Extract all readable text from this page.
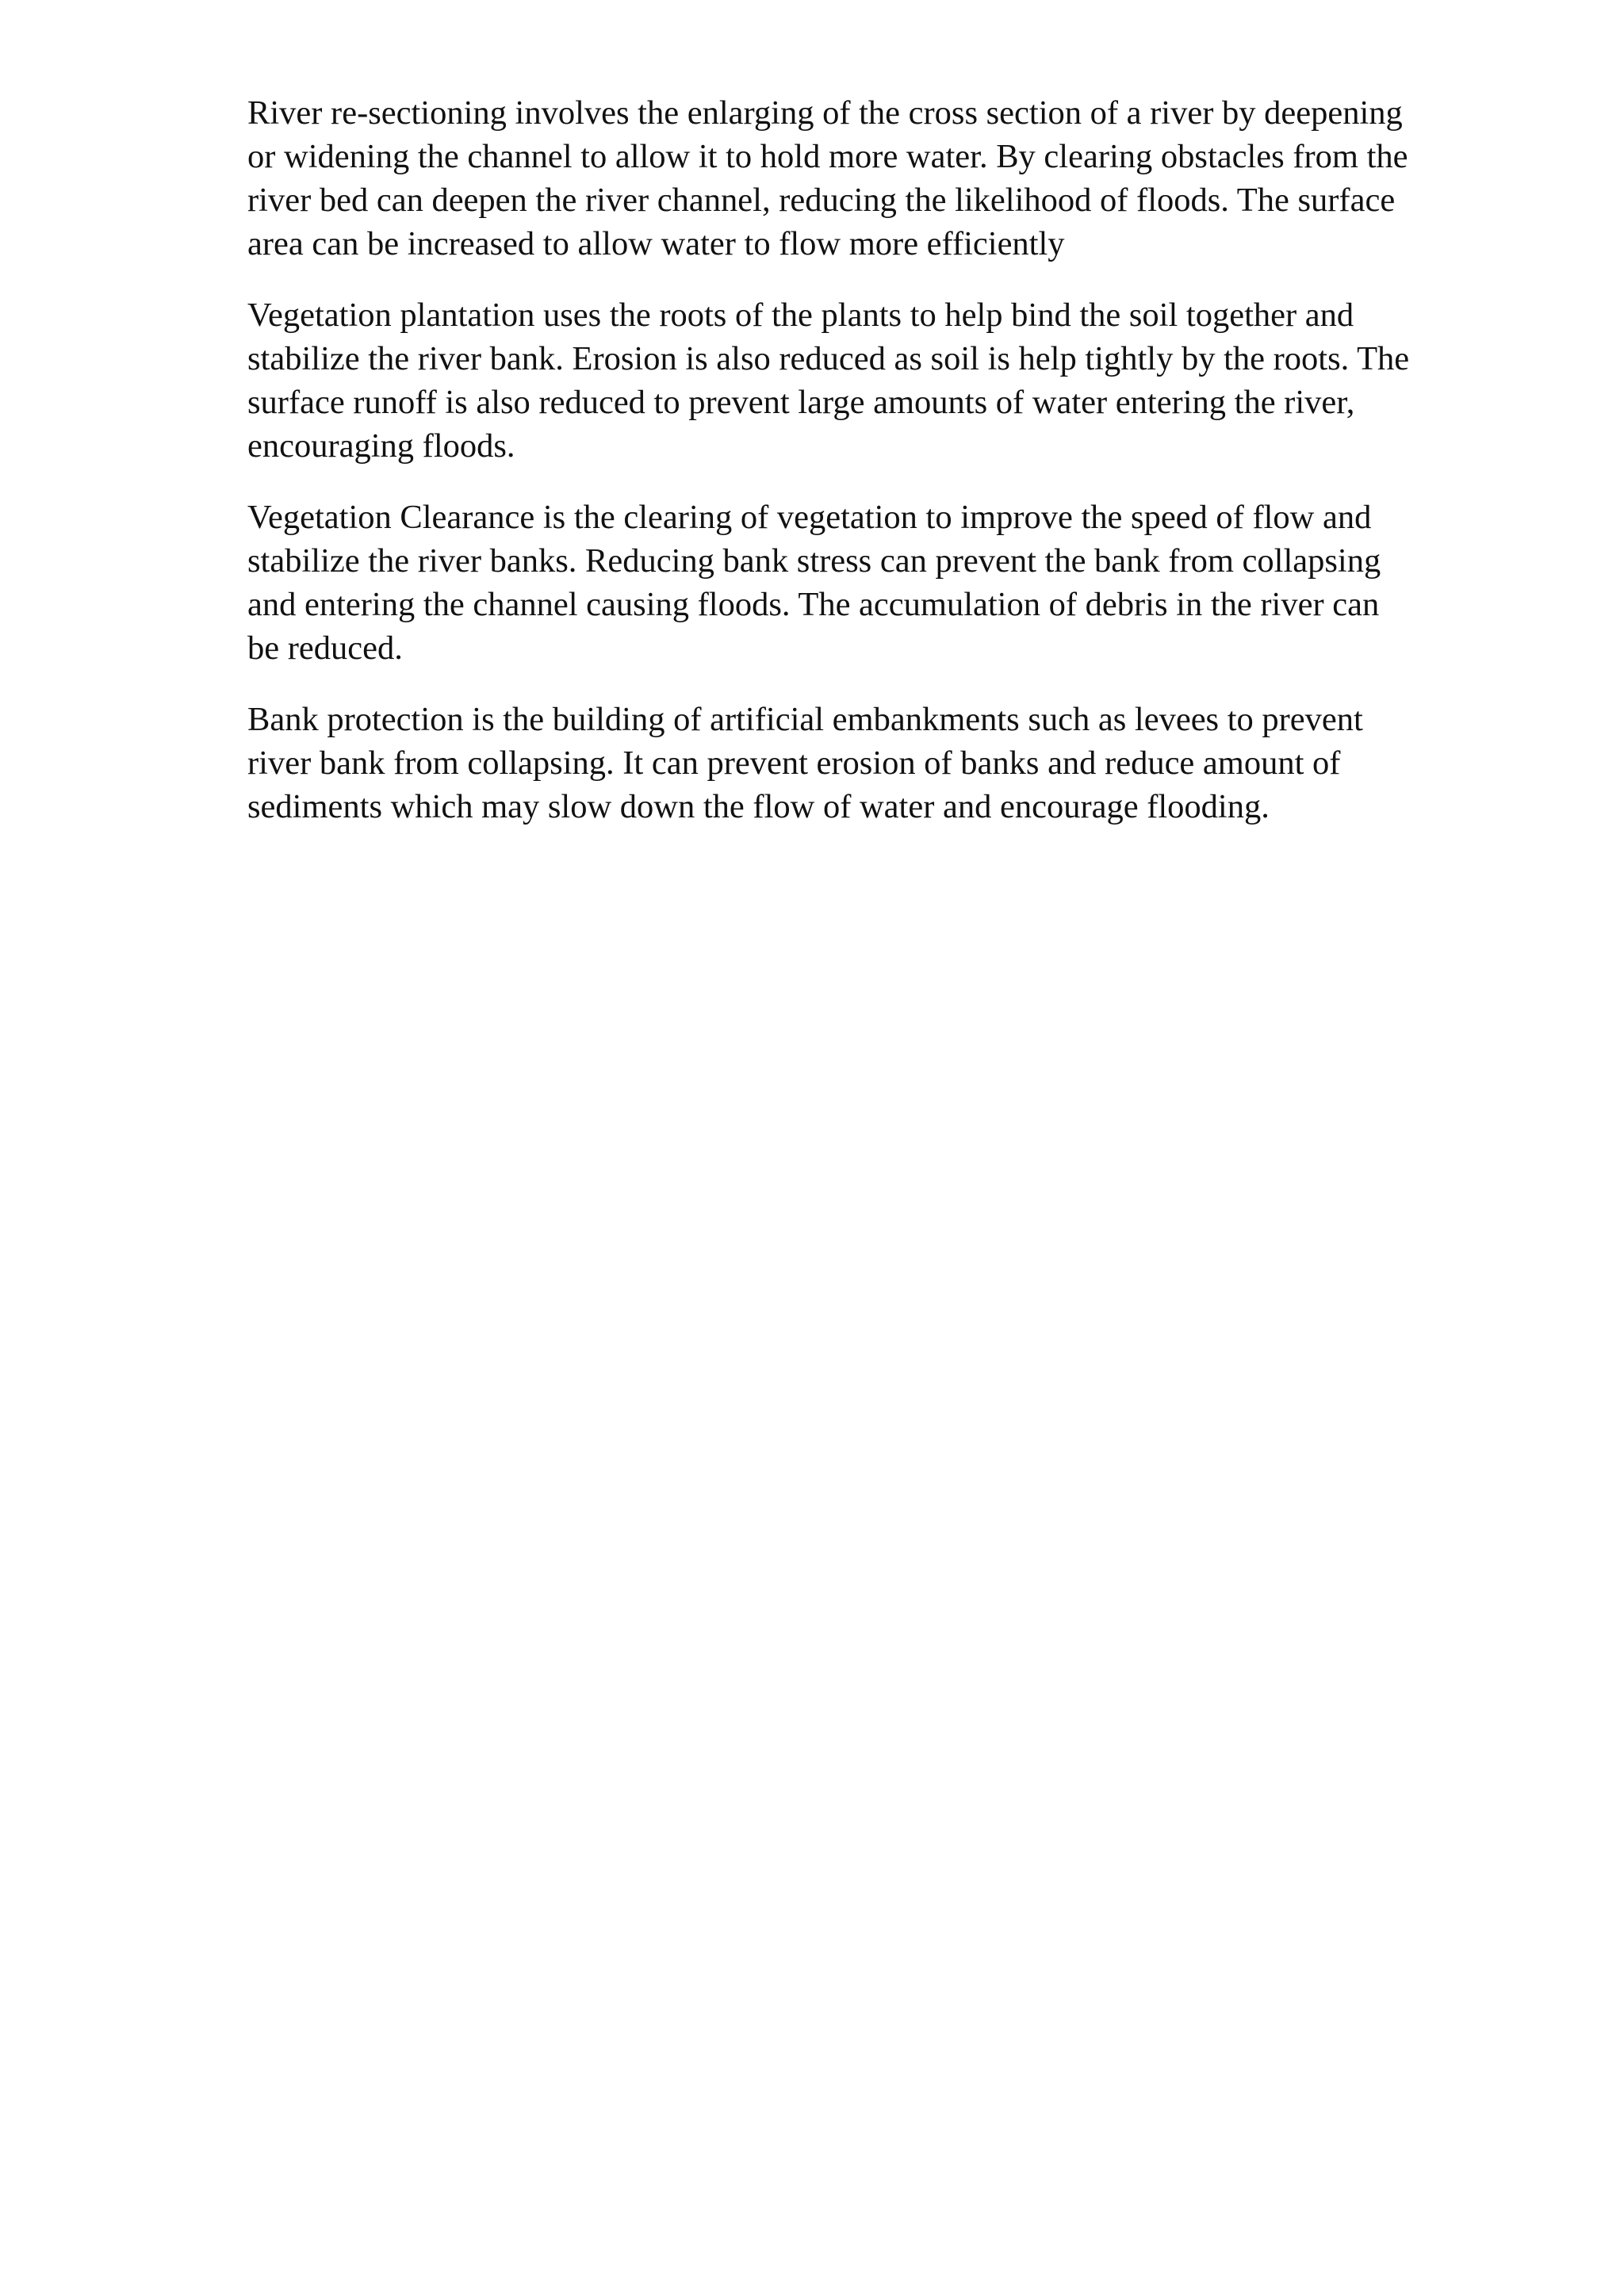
River re-sectioning involves the enlarging of the cross section of a river by deepening
or widening the channel to allow it to hold more water. By clearing obstacles from the
river bed can deepen the river channel, reducing the likelihood of floods. The surface
area can be increased to allow water to flow more efficiently

Vegetation plantation uses the roots of the plants to help bind the soil together and
stabilize the river bank. Erosion is also reduced as soil is help tightly by the roots. The
surface runoff is also reduced to prevent large amounts of water entering the river,
encouraging floods.

Vegetation Clearance is the clearing of vegetation to improve the speed of flow and
stabilize the river banks. Reducing bank stress can prevent the bank from collapsing
and entering the channel causing floods. The accumulation of debris in the river can
be reduced.

Bank protection is the building of artificial embankments such as levees to prevent
river bank from collapsing. It can prevent erosion of banks and reduce amount of
sediments which may slow down the flow of water and encourage flooding.
